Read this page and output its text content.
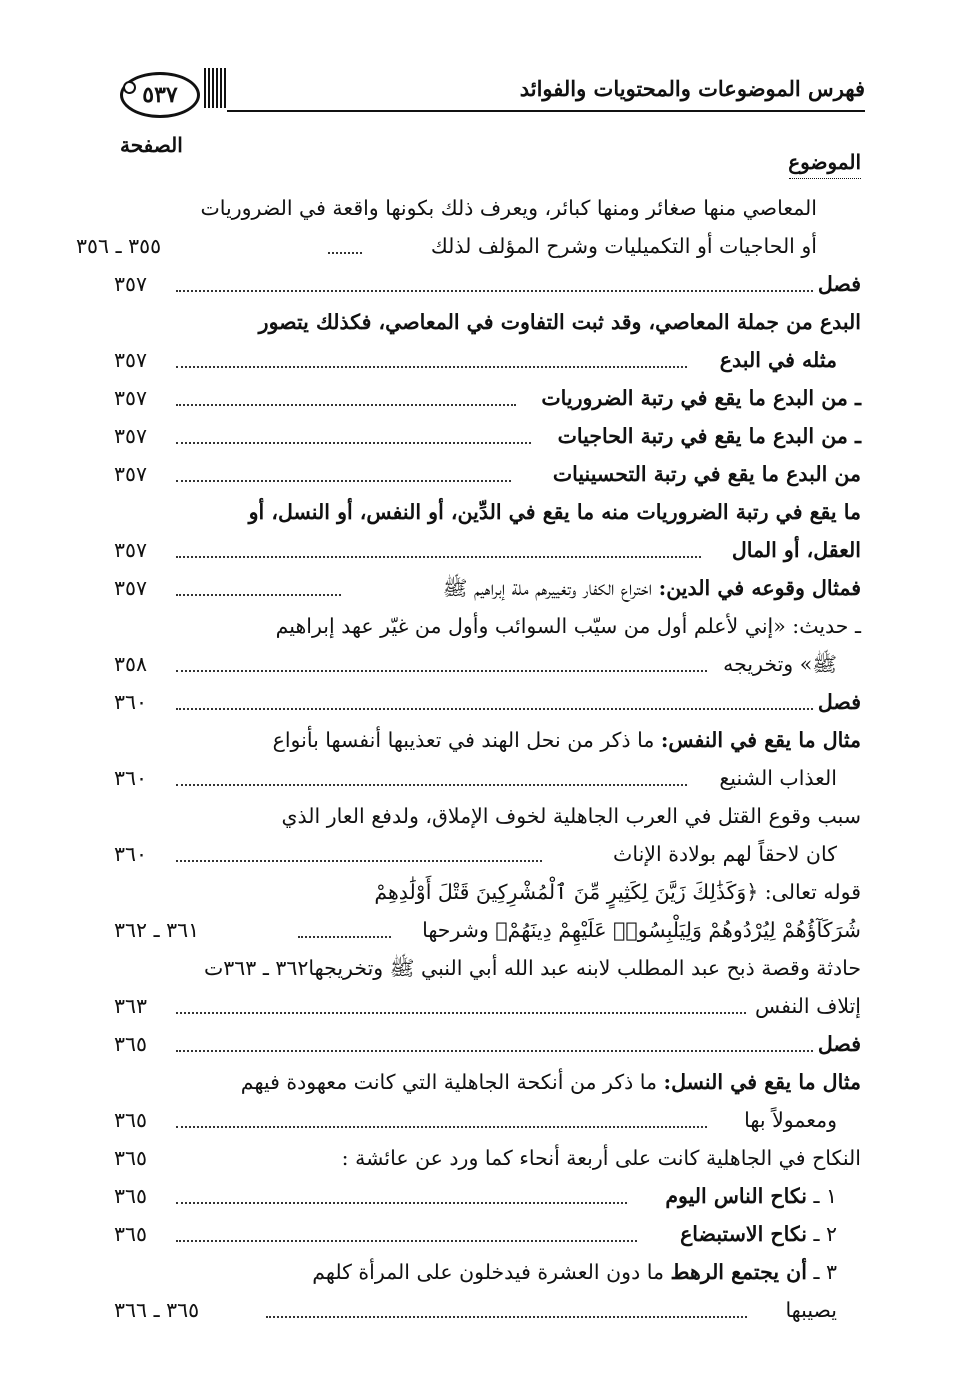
٥٣٧	فهرس الموضوعات والمحتويات والفوائد
الصفحة
الموضوع
المعاصي منها صغائر ومنها كبائر، ويعرف ذلك بكونها واقعة في الضروريات
أو الحاجيات أو التكميليات وشرح المؤلف لذلك
٣٥٥ ـ ٣٥٦
فصل
٣٥٧
البدع من جملة المعاصي، وقد ثبت التفاوت في المعاصي، فكذلك يتصور
مثله في البدع
٣٥٧
ـ من البدع ما يقع في رتبة الضروريات
٣٥٧
ـ من البدع ما يقع في رتبة الحاجيات
٣٥٧
من البدع ما يقع في رتبة التحسينيات
٣٥٧
ما يقع في رتبة الضروريات منه ما يقع في الدِّين، أو النفس، أو النسل، أو
العقل، أو المال
٣٥٧
فمثال وقوعه في الدين: اختراع الكفار وتغييرهم ملة إبراهيم ﷺ
٣٥٧
ـ حديث: «إني لأعلم أول من سيّب السوائب وأول من غيّر عهد إبراهيم
ﷺ» وتخريجه
٣٥٨
فصل
٣٦٠
مثال ما يقع في النفس: ما ذكر من نحل الهند في تعذيبها أنفسها بأنواع
العذاب الشنيع
٣٦٠
سبب وقوع القتل في العرب الجاهلية لخوف الإملاق، ولدفع العار الذي
كان لاحقاً لهم بولادة الإناث
٣٦٠
قوله تعالى: ﴿وَكَذَٰلِكَ زَيَّنَ لِكَثِيرٍ مِّنَ ٱلْمُشْرِكِينَ قَتْلَ أَوْلَٰدِهِمْ
شُرَكَآؤُهُمْ لِيُرْدُوهُمْ وَلِيَلْبِسُوا۟ عَلَيْهِمْ دِينَهُمْ﴾ وشرحها
٣٦١ ـ ٣٦٢
حادثة وقصة ذبح عبد المطلب لابنه عبد الله أبي النبي ﷺ وتخريجها٣٦٢ ـ ٣٦٣ت
إتلاف النفس
٣٦٣
فصل
٣٦٥
مثال ما يقع في النسل: ما ذكر من أنكحة الجاهلية التي كانت معهودة فيهم
ومعمولاً بها
٣٦٥
النكاح في الجاهلية كانت على أربعة أنحاء كما ورد عن عائشة :
٣٦٥
١ ـ نكاح الناس اليوم
٣٦٥
٢ ـ نكاح الاستبضاع
٣٦٥
٣ ـ أن يجتمع الرهط ما دون العشرة فيدخلون على المرأة كلهم
يصيبها
٣٦٥ ـ ٣٦٦
